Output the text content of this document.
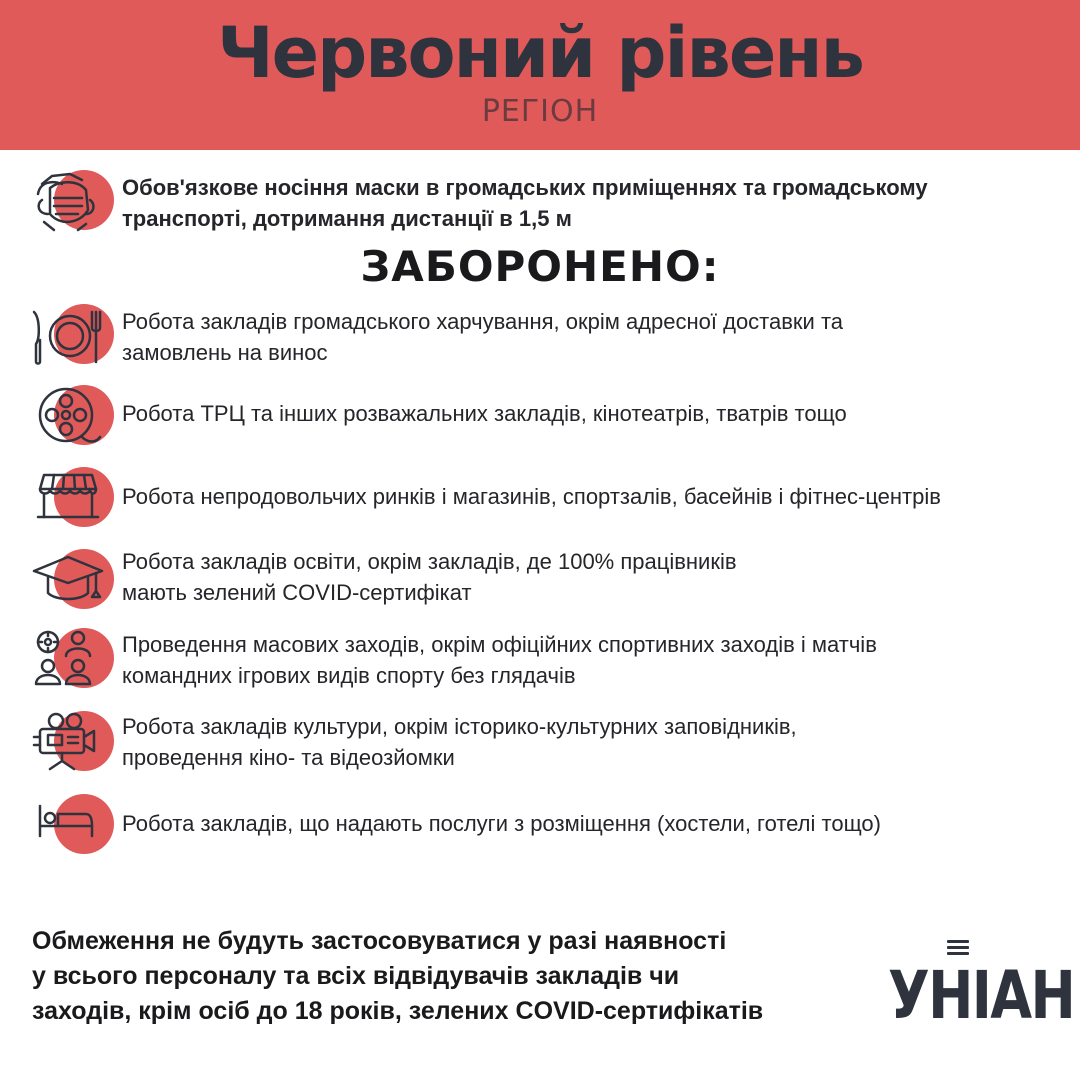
Червоний рівень
РЕГІОН
Обов'язкове носіння маски в громадських приміщеннях та громадському
транспорті, дотримання дистанції в 1,5 м
ЗАБОРОНЕНО:
Робота закладів громадського харчування, окрім адресної доставки та
замовлень на винос
Робота ТРЦ та інших розважальних закладів, кінотеатрів, тватрів тощо
Робота непродовольчих ринків і магазинів, спортзалів, басейнів і фітнес-центрів
Робота закладів освіти, окрім закладів, де 100% працівників
мають зелений COVID-сертифікат
Проведення масових заходів, окрім офіційних спортивних заходів і матчів
командних ігрових видів спорту без глядачів
Робота закладів культури, окрім історико-культурних заповідників,
проведення кіно- та відеозйомки
Робота закладів, що надають послуги з розміщення (хостели, готелі тощо)
Обмеження не будуть застосовуватися у разі наявності
у всього персоналу та всіх відвідувачів закладів чи
заходів, крім осіб до 18 років, зелених COVID-сертифікатів	УНIAН
